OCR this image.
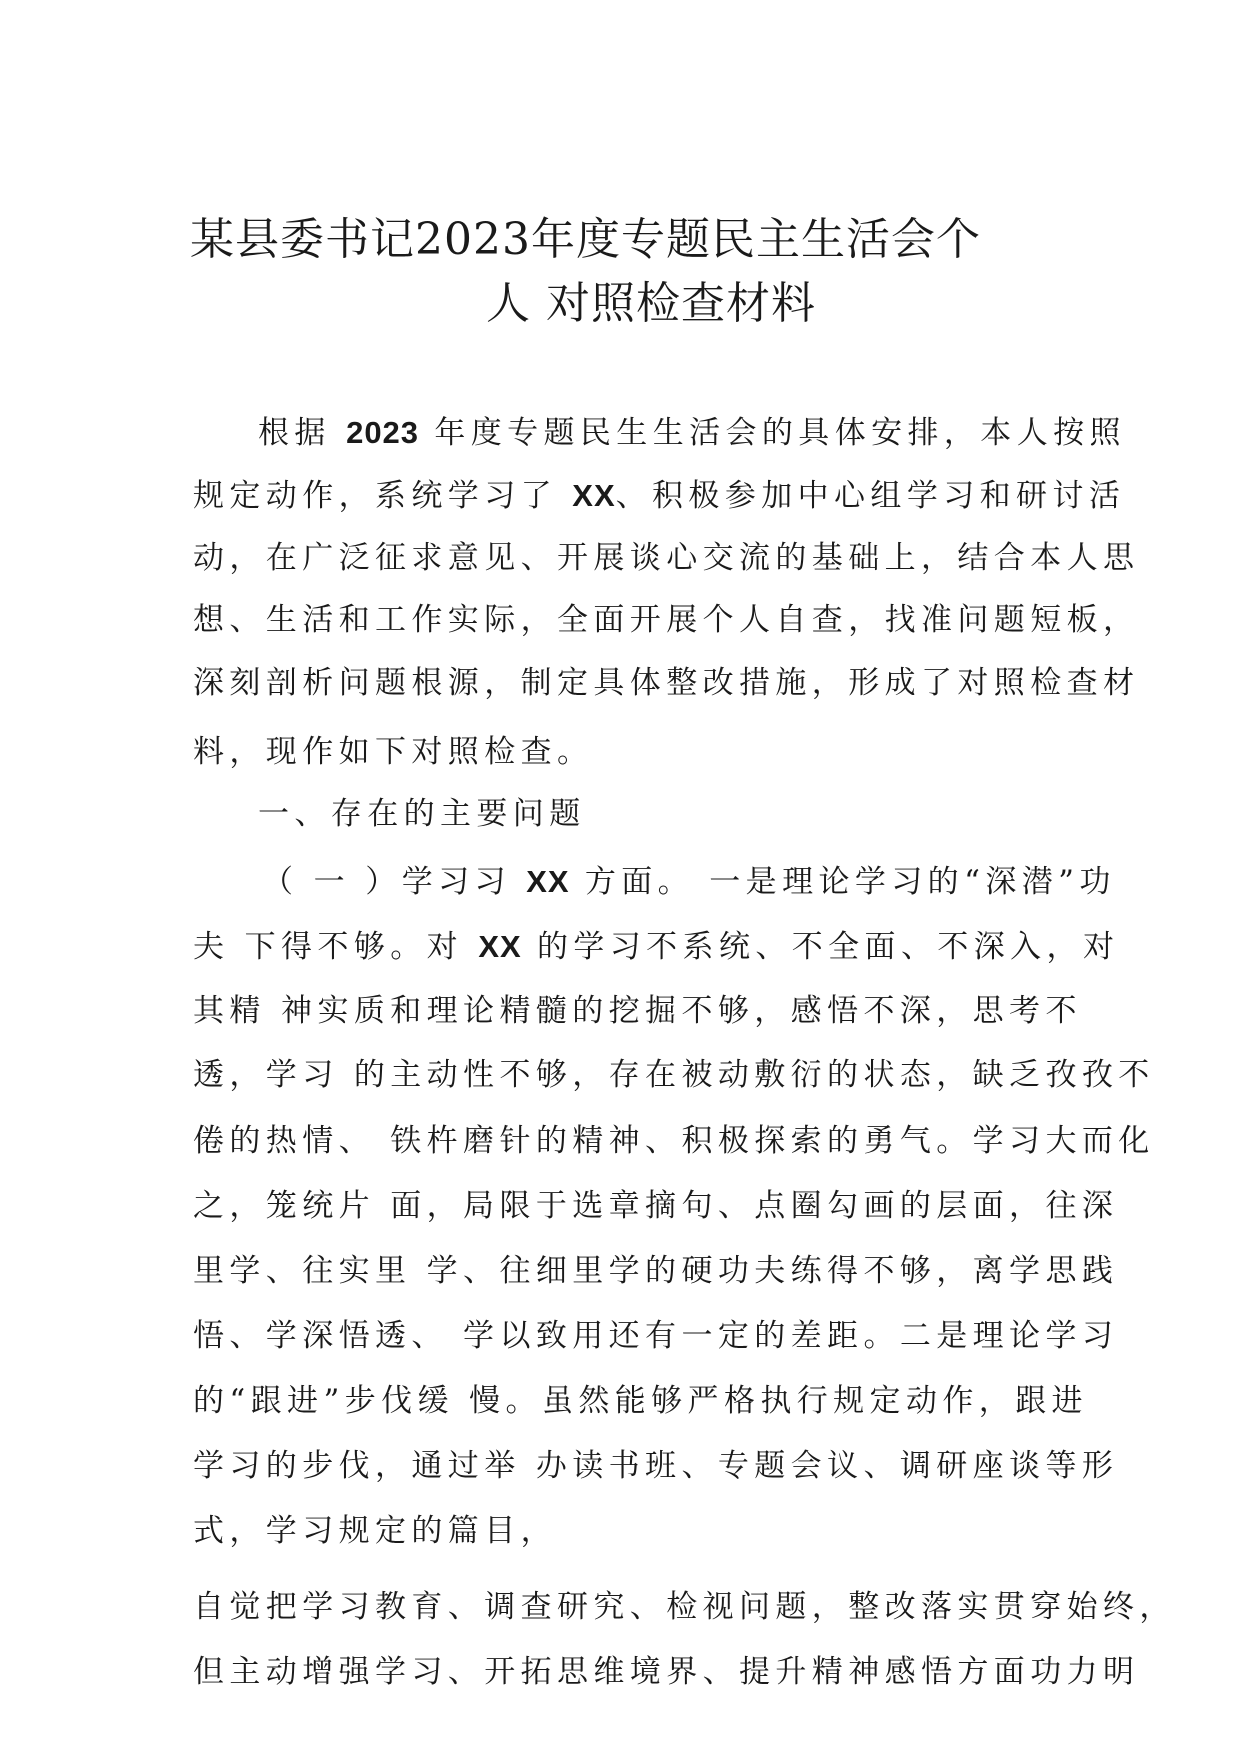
某县委书记2023年度专题民主生活会个
人 对照检查材料
根据 2023 年度专题民生生活会的具体安排，本人按照
规定动作，系统学习了 XX、积极参加中心组学习和研讨活
动，在广泛征求意见、开展谈心交流的基础上，结合本人思
想、生活和工作实际，全面开展个人自查，找准问题短板，
深刻剖析问题根源，制定具体整改措施，形成了对照检查材
料，现作如下对照检查。
一、存在的主要问题
（ 一 ）学习习 XX 方面。 一是理论学习的“深潜”功
夫 下得不够。对 XX 的学习不系统、不全面、不深入，对
其精 神实质和理论精髓的挖掘不够，感悟不深，思考不
透，学习 的主动性不够，存在被动敷衍的状态，缺乏孜孜不
倦的热情、 铁杵磨针的精神、积极探索的勇气。学习大而化
之，笼统片 面，局限于选章摘句、点圈勾画的层面，往深
里学、往实里 学、往细里学的硬功夫练得不够，离学思践
悟、学深悟透、 学以致用还有一定的差距。二是理论学习
的“跟进”步伐缓 慢。虽然能够严格执行规定动作，跟进
学习的步伐，通过举 办读书班、专题会议、调研座谈等形
式，学习规定的篇目，
自觉把学习教育、调查研究、检视问题，整改落实贯穿始终，
但主动增强学习、开拓思维境界、提升精神感悟方面功力明
